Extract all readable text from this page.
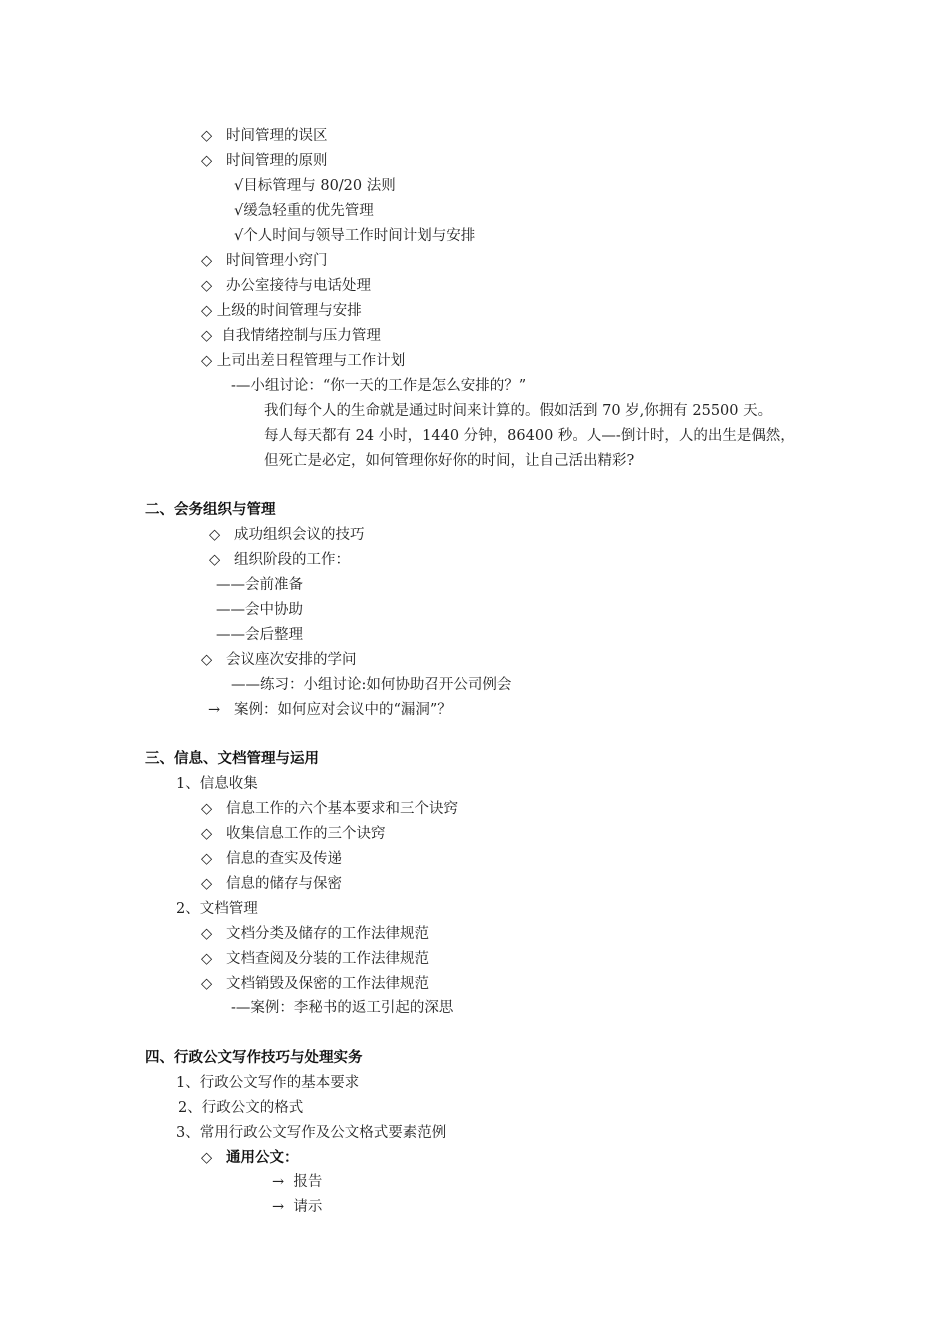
◇ 时间管理的误区
◇ 时间管理的原则
√目标管理与 80/20 法则
√缓急轻重的优先管理
√个人时间与领导工作时间计划与安排
◇ 时间管理小窍门
◇ 办公室接待与电话处理
◇ 上级的时间管理与安排
◇ 自我情绪控制与压力管理
◇ 上司出差日程管理与工作计划
-—小组讨论：“你一天的工作是怎么安排的？”
我们每个人的生命就是通过时间来计算的。假如活到 70 岁,你拥有 25500 天。
每人每天都有 24 小时，1440 分钟，86400 秒。人—-倒计时，人的出生是偶然，
但死亡是必定，如何管理你好你的时间，让自己活出精彩?
二、会务组织与管理
◇ 成功组织会议的技巧
◇ 组织阶段的工作：
——会前准备
——会中协助
——会后整理
◇ 会议座次安排的学问
——练习：小组讨论:如何协助召开公司例会
→ 案例：如何应对会议中的“漏洞”？
三、信息、文档管理与运用
1、信息收集
◇ 信息工作的六个基本要求和三个诀窍
◇ 收集信息工作的三个诀窍
◇ 信息的查实及传递
◇ 信息的储存与保密
2、文档管理
◇ 文档分类及储存的工作法律规范
◇ 文档查阅及分装的工作法律规范
◇ 文档销毁及保密的工作法律规范
-—案例：李秘书的返工引起的深思
四、行政公文写作技巧与处理实务
1、行政公文写作的基本要求
2、行政公文的格式
3、常用行政公文写作及公文格式要素范例
◇ 通用公文：
→ 报告
→ 请示
